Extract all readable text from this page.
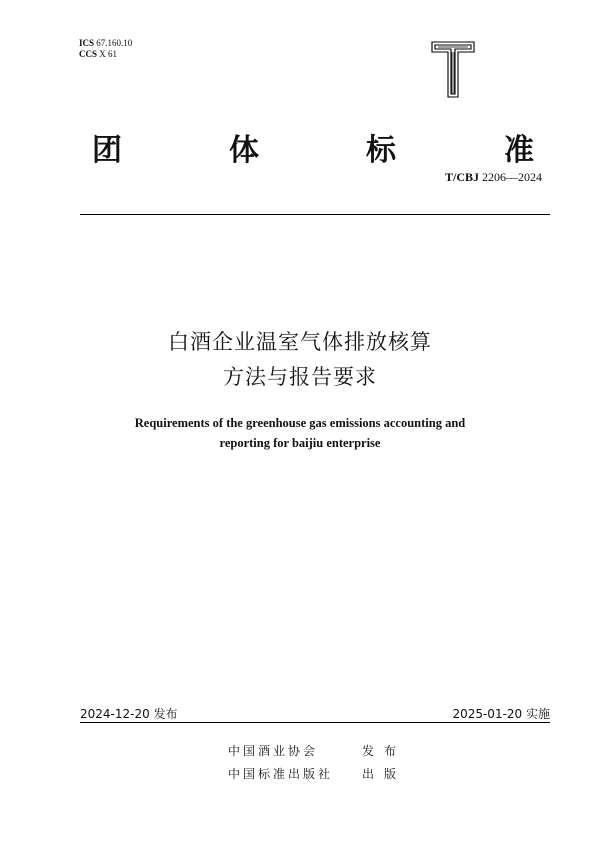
ICS 67.160.10
CCS X 61
T
团	体	标	准
T/CBJ 2206—2024
白酒企业温室气体排放核算
方法与报告要求
Requirements of the greenhouse gas emissions accounting and
reporting for baijiu enterprise
2024-12-20 发布	2025-01-20 实施
中国酒业协会	发布
中国标准出版社 出版
